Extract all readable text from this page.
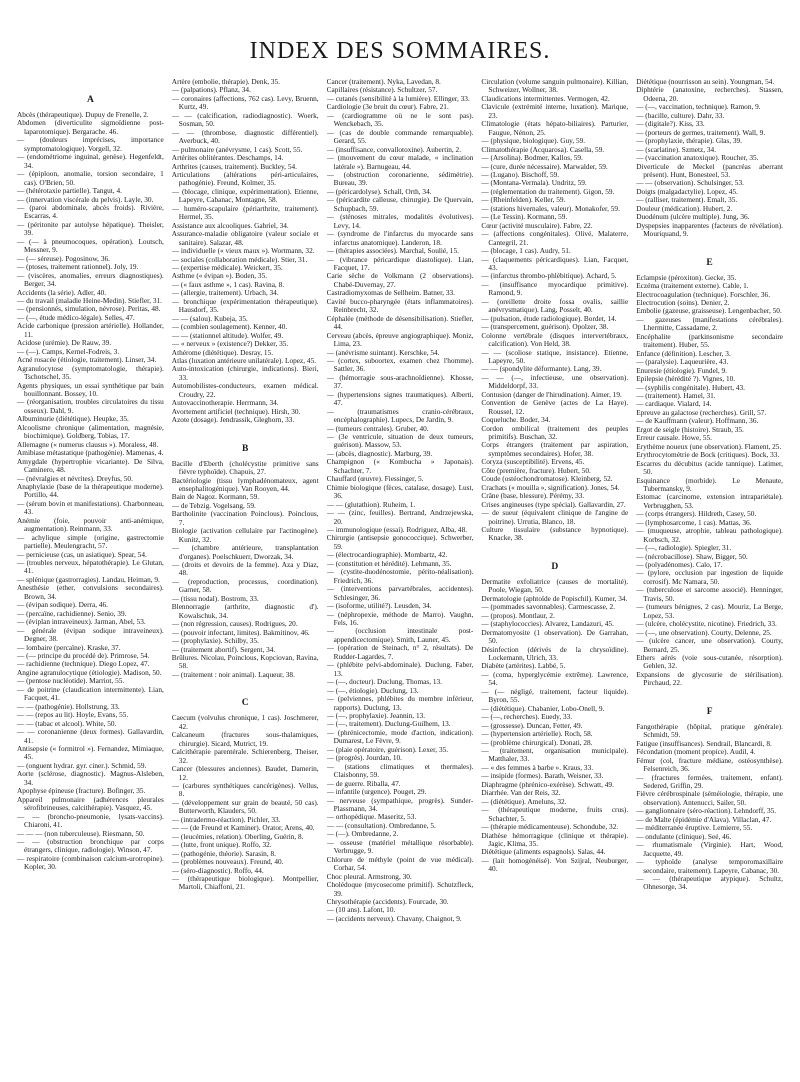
INDEX DES SOMMAIRES.
A

Abcès (thérapeutique). Dupuy de Frenelle, 2.

Abdomen (diverticulite sigmoïdienne post-laparotomique). Bergarache. 46.

— (douleurs imprécises, importance symptomatologique). Vorgell, 32.

— (endométriome inguinal, genèse). Hegenfeldt, 34.

— (épiploon, anomalie, torsion secondaire, 1 cas). O'Brien, 50.

— (hétérotaxie partielle). Tangut, 4.

— (innervation viscérale du pelvis). Layle, 30.

— (paroi abdominale, abcès froids). Rivière, Escarras, 4.

— (péritonite par autolyse hépatique). Theisler, 39.

— (— à pneumocoques, opération). Loutsch, Messner, 9.

— (— séreuse). Pogosinow, 36.

— (ptoses, traitement rationnel). Joly, 19.

— (viscères, anomalies, erreurs diagnostiques). Berger, 34.

Accidents (la série). Adler, 40.

— du travail (maladie Heine-Medin). Stiefler, 31.

— (pensionnés, simulation, névrose). Peritas, 48.

— (—, étude médico-légale). Selles, 47.

Acide carbonique (pression artérielle). Hollander, 11.

Acidose (urémie). De Rauw, 39.

— (—). Camps, Kernel-Fodreis, 3.

Acné rosacée (étiologie, traitement). Linser, 34.

Agranulocytose (symptomatologie, thérapie). Tschotschel, 35.

Agents physiques, un essai synthétique par bain bouillonnant. Bossey, 10.

— (réorganisation, troubles circulatoires du tissu osseux). Dahl, 9.

Albuminurie (diététique). Heupke, 35.

Alcoolisme chronique (alimentation, magnésie, biochimique). Goldberg, Tobias, 17.

Allemagne (« numerus clausus »). Moraless, 48.

Amibiase métastatique (pathogénie). Mamenas, 4.

Amygdale (hypertrophie vicariante). De Silva, Caminero, 48.

— (névralgies et névrites). Dreyfus, 50.

Anaphylaxie (base de la thérapeutique moderne). Portillo, 44.

— (sérum bovin et manifestations). Charbonneau, 43.

Anémie (foie, pouvoir anti-anémique, augmentation). Reinmann, 33.

— achylique simple (origine, gastrectomie partielle). Meulengracht, 57.

— pernicieuse (cas, un asiatique). Spear, 54.

— (troubles nerveux, hépatothérapie). Le Glutan, 41.

— splénique (gastrorragies). Landau, Heiman, 9.

Anesthésie (ether, convulsions secondaires). Brown, 34.

— (évipan sodique). Derra, 46.

— (percaïne, rachidienne). Senio, 39.

— (éviplan intraveineux). Jarman, Abel, 53.

— générale (évipan sodique intraveineux). Degner, 38.

— lombaire (percaïne). Kraske, 37.

— (— principe du procédé de). Primrose, 54.

— rachidienne (technique). Diego Lopez, 47.

Angine agranulocytique (étiologie). Madison, 50.

— (pentose nucléotide). Marriot, 55.

— de poitrine (claudication intermittente). Lian, Facquet, 41.

— — (pathogénie). Hollstrung, 33.

— — (repos au lit). Hoyle, Evans, 55.

— — (tabac et alcool). White, 50.

— — coronanienne (deux formes). Gallavardin, 41.

Antisepsie (« formitrol »). Fernandez, Mimiaque, 45.

— (onguent hydrar. gyr. ciner.). Schmid, 59.

Aorte (sclérose, diagnostic). Magnus-Alsleben, 34.

Apophyse épineuse (fracture). Bofinger, 35.

Appareil pulmonaire (adhérences pleurales sérofibrineuses, calcithérapie). Vasquez, 45.

— — (broncho-pneumonie, lysats-vaccins). Chiaroni, 41.

— — — (non tuberculeuse). Riesmann, 50.

— — (obstruction bronchique par corps étrangers, clinique, radiologie). Winson, 47.

— respiratoire (combinaison calcium-urotropine). Kopler, 30.

Artère (embolie, thérapie). Denk, 35.

— (palpations). Pflanz, 34.

— coronaires (affections, 762 cas). Levy, Bruenn, Kurtz, 49.

— — (calcification, radiodiagnostic). Woerk, Sosman, 50.

— — (thrombose, diagnostic différentiel). Averbuck, 40.

— pulmonaire (anévrysme, 1 cas). Scott, 55.

Artérites oblitérantes. Deschamps, 14.

Arthrites (causes, traitement). Buckley, 54.

Articulations (altérations péri-articulaires, pathogénie). Freund, Kolmer, 35.

— (blocage, clinique, expérimentation). Etienne, Lapeyre, Cabanac, Montagne, 58.

— humérо-scapulaire (périarthrite, traitement). Hermel, 35.

Assistance aux alcooliques. Gabriel, 34.

Assurance-maladie obligatoire (valeur sociale et sanitaire). Salazar, 48.

— individuelle (« vieux maux »). Wortmann, 32.

— sociales (collaboration médicale). Stier, 31.

— (expertise médicale). Weickert, 35.

Asthme (« évipan »). Boden, 35.

— (« faux asthme », 1 cas). Ravina, 8.

— (allergie, traitement). Urbach, 34.

— bronchique (expérimentation thérapeutique). Hausdorf, 35.

— — (salou). Kubeja, 35.

— (combien soulagement). Kenner, 40.

— — (stationnel altitude). Wolfer, 49.

— « nerveux » (existence?) Dekker, 35.

Athérome (diététique). Desray, 15.

Atlas (luxation antérieure unilatérale). Lopez, 45.

Auto-intoxication (chirurgie, indications). Bieri, 33.

Automobilistes-conducteurs, examen médical. Croudry, 22.

Autovaccinotherapie. Herrmann, 34.

Avortement artificiel (technique). Hirsh, 30.

Azote (dosage). Jendrassik, Gleghorn, 33.

B

Bacille d'Eberth (cholécystite primitive sans fièvre typhoïde). Chapuis, 27.

Bactériologie (tissu lymphadénomateux, agent ensephalitogénique). Van Rooyen, 44.

Bain de Nagoz. Kormann, 59.

— de Tebzig. Vogelsang, 59.

Bartholinite (vaccination Poinclous). Poinclous, 7.

Biologie (activation cellulaire par l'actinogène). Kunitz, 32.

— (chambre antérieure, transplantation d'organes). Poelschkuerr, Dworzak, 34.

— (droits et devoirs de la femme). Aza y Diaz, 48.

— (reproduction, processus, coordination). Garner, 58.

— (tissu nodal). Bostrom, 33.

Blennorragie (arthrite, diagnostic d'). Kowalschuk, 34.

— (non régression, causes). Rodrigues, 20.

— (pouvoir infectant, limites). Bakmitinov, 46.

— (prophylaxie). Schilby, 35.

— (traitement abortif). Sergent, 34.

Brûlures. Nicolau, Poinclous, Kopciovan, Ravina, 58.

— (traitement : noir animal). Laqueur, 38.

C

Caecum (volvulus chronique, 1 cas). Joschmerer, 42.

Calcaneum (fractures sous-thalamiques, chirurgie). Sicard, Mutrict, 19.

Calcithérapie parentérale. Schierenberg, Theiser, 32.

Cancer (blessures anciennes). Baudet, Damerin, 12.

— (carbures synthétiques cancérigènes). Vellus, 8.

— (développement sur grain de beauté, 50 cas). Butterworth, Klauders, 50.

— (intradermo-réaction). Pichler, 33.

— — (de Freund et Kaminer). Orator, Arens, 40.

— (leucémies, relation). Oberling, Guérin, 8.

— (lutte, front unique). Roffo, 32.

— (pathogénie, théorie). Sarasin, 8.

— (problèmes nouveaux). Freund, 40.

— (séro-diagnostic). Roffo, 44.

— (thérapeutique biologique). Montpellier, Martoli, Chiaffoni, 21.

Cancer (traitement). Nyka, Lavedan, 8.

Capillaires (résistance). Schultzer, 57.

— cutanés (sensibilité à la lumière). Ellinger, 33.

Cardiologie (3e bruit du cœur). Fabre, 21.

— (cardiogramme où ne le sont pas). Wenckebach, 35.

— (cas de double commande remarquable). Gerard, 55.

— (insuffisance, convallotoxine). Aubertin, 2.

— (mouvement du cœur malade, « inclination latérale »). Barnugeau, 44.

— (obstruction coronarienne, sédimétrie). Bureau, 39.

— (péricardolyse). Schall, Orth, 34.

— (péricardite calleuse, chirurgie). De Quervain, Schupbach, 59.

— (sténoses mitrales, modalités évolutives). Levy, 14.

— (syndrome de l'infarctus du myocarde sans infarctus anatomique). Landeron, 18.

— (thérapies associées). Marchal, Soulié, 15.

— (vibrance péricardique diastolique). Lian, Facquet, 17.

Carie sèche de Volkmann (2 observations). Chabé-Duvernay, 27.

Castradiomyxomas de Sellheim. Batner, 33.

Cavité bucco-pharyngée (états inflammatoires). Reinbrecht, 32.

Céphalée (méthode de désensibilisation). Stiefler, 44.

Cerveau (abcès, épreuve angiographique). Moniz, Lima, 23.

— (anévrisme suintant). Kerschke, 54.

— (cortex, suboortex, examen chez l'homme). Sattler, 36.

— (hémorragie sous-arachnoïdienne). Khosse, 37.

— (hypertensions signes traumatiques). Alberti, 47.

— (traumatismes cranio-cérébraux, encéphalographie). Lupecs, De Jardin, 9.

— (tumeurs centrales). Gruber, 40.

— (3e ventricule, situation de deux tumeurs, guérison). Massow, 53.

— (abcès, diagnostic). Marburg, 39.

Champignon (« Kombucha » Japonais). Schachter, 7.

Chauffard (œuvre). Fiessinger, 5.

Chimie biologique (fèces, catalase, dosage). Lust, 36.

— — (glutathion). Ruheim, 1.

— — (zinc, feuilles). Bertrand, Andrzejewska, 20.

— immunologique (essai). Rodriguez, Alba, 48.

Chirurgie (antisepsie gonococcique). Schwerber, 59.

— (électrocardiographie). Mombartz, 42.

— (constitution et hérédité). Lehmann, 35.

— (cystite-duodénostomie, périto-néalisation). Friedrich, 36.

— (interventions parvartébrales, accidentes). Schlesinger, 36.

— (isoforme, utilité?). Leusden, 34.

— (néphropexie, méthode de Marro). Vaughn, Fels, 16.

— (occlusion intestinale post-appendicectomique). Smith, Launer, 45.

— (opération de Steinach, n° 2, résultats). De Rudder-Lagardes, 7.

— (phlébite pelvi-abdominale). Duclung, Faber, 13.

— (—, docteur). Duclung, Thomas, 13.

— (—, étiologie). Duclung, 13.

— (pelviennes, phlébites du membre inférieur, rapports). Duclung, 13.

— (—, prophylaxie). Jeannin, 13.

— (—, traitement). Duclung-Guilhem, 13.

— (phrénicectomie, mode d'action, indication). Dumarest, Le Fèvre, 9.

— (plaie opératoire, guérison). Lexer, 35.

— (progrès). Jourdan, 10.

— (stations climatiques et thermales). Claisbonny, 59.

— de guerre. Riballa, 47.

— infantile (urgence). Pouget, 29.

— nerveuse (sympathique, progrès). Sunder-Plassmann, 34.

— orthopédique. Maseritz, 53.

— — (consultation). Ombredanne, 5.

— (—). Ombredanne, 2.

— osseuse (matériel métallique résorbable). Verbrugge, 9.

Chlorure de méthyle (point de vue médical). Corhar, 54.

Choc pleural. Armstrong, 30.

Cholédoque (mycosecome primitif). Schutzfleck, 39.

Chrysothérapie (accidents). Fourcade, 30.

— (10 ans). Lafont, 10.

— (accidents nerveux). Chavany, Chaignot, 9.

Circulation (volume sanguin pulmonaire). Killian, Schweizer, Wollner, 38.

Claudications intermittentes. Vermogen, 42.

Clavicule (extrémité interne, luxation). Marique, 23.

Climatologie (états hépato-biliaires). Parturier, Faugue, Nénon, 25.

— (physique, biologique). Guy, 59.

Climatothérapie (Acquarosa). Casella, 59.

— (Arsolina). Bodmer, Kallos, 59.

— (cure, durée nécessaire). Marwalder, 59.

— (Lugano). Bischoff, 59.

— (Montana-Vermala). Undritz, 59.

— (réglementation du traitement). Gigon, 59.

— (Rheinfelden). Keller, 59.

— (stations hivernales, valeur). Monakofer, 59.

— (Le Tessin). Kormann, 59.

Cœur (activité musculaire). Fabre, 22.

— (affections congénitales). Olivé, Malaterre, Cantegril, 21.

— (blocage, 1 cas). Audry, 51.

— (claquements péricardiques). Lian, Facquet, 43.

— (infarctus thrombo-phlébitique). Achard, 5.

— (insuffisance myocardique primitive). Ramond, 9.

— (oreillette droite fossa ovalis, saillie anévrysmatique). Lang, Posselt, 40.

— (pulsation, étude radiologique). Bordet, 14.

— (transpercement, guérison). Opolzer, 38.

Colonne vertébrale (disques intervertébraux, calcification). Von Held, 38.

— — (scoliose statique, insistance). Etienne, Lapeyre, 50.

— — (spondylite déformante). Lang, 39.

— — (—, infectieuse, une observation). Middeldorpf, 33.

Contusion (danger de l'hirudination). Aimer, 19.

Convention de Genève (actes de La Haye). Roussel, 12.

Coqueluche. Boder, 34.

Cordon ombilical (traitement des peuples primitifs). Buschan, 32.

Corps étrangers (traitement par aspiration, symptômes secondaires). Hofer, 38.

Coryza (susceptibilité). Ervens, 45.

Côte (première, fracture). Hubert, 50.

Coude (ostéochondromatose). Kleinberg, 52.

Crachats (« mouilla », signification). Jones, 54.

Crâne (base, blessure). Pérémy, 33.

Crises angineuses (type spécial). Gallavardin, 27.

— de sueur (équivalent clinique de l'angine de poitrine). Urrutia, Blanco, 18.

Culture tissulaire (substance hypnotique). Knacke, 38.

D

Dermatite exfoliatrice (causes de mortalité). Poole, Wiegan, 50.

Dermatologie (aphtoïde de Popischil). Kumer, 34.

— (pommades savonnables). Carmescasse, 2.

— (propos). Montlaur, 2.

— (staphylococcies). Alvarez, Landazuri, 45.

Dermatomyosite (1 observation). De Garrahan, 50.

Désinfection (dérivés de la chrysoïdine). Lockemann, Ulrich, 33.

Diabète (artérites). Labbé, 5.

— (coma, hyperglycémie extrême). Lawrence, 54.

— (— négligé, traitement, facteur liquide). Byron, 55.

— (diététique). Chabanier, Lobo-Onell, 9.

— (—, recherches). Euedy, 33.

— (grossesse). Duncan, Fetter, 49.

— (hypertension artérielle). Roch, 58.

— (problème chirurgical). Donati, 28.

— (traitement, organisation municipale). Matthaler, 33.

— « des femmes à barbe ». Kraus, 33.

— insipide (formes). Barath, Weisner, 33.

Diaphragme (phrénico-exérèse). Schwatt, 49.

Diarrhée. Van der Reis, 32.

— (diététique). Ameluns, 32.

— (thérapeutique moderne, fruits crus). Schachter, 5.

— (thérapie médicamenteuse). Schondube, 32.

Diathèse hémorragique (clinique et thérapie). Jagic, Klima, 35.

Diététique (aliments espagnols). Salas, 44.

— (lait homogénéisé). Von Szijral, Neuburger, 40.

Diététique (nourrisson au sein). Youngman, 54.

Diphtérie (anatoxine, recherches). Stassen, Odeena, 20.

— (—, vaccination, technique). Ramon, 9.

— (bacille, culture). Dahr, 33.

— (digitale?). Kiss, 33.

— (porteurs de germes, traitement). Wall, 9.

— (prophylaxie, thérapie). Glas, 39.

— (scarlatine). Szmetz, 34.

— (vaccination anatoxique). Roucher, 35.

Diverticule de Meckel (pancréas aberrant présent). Hunt, Bonesteel, 53.

— — (observation). Schulsinger, 53.

Doigts (malgadactylie). Lopez, 45.

— (ralliser, traitement). Emalt, 35.

Douleur (médication). Hubert, 2.

Duodénum (ulcère multiple). Jung, 36.

Dyspepsies inapparentes (facteurs de révélation). Mouriquand, 9.

E

Eclampsie (péroxiton). Gecke, 35.

Eczéma (traitement externe). Cable, 1.

Electrocoagulation (technique). Forschler, 36.

Electrocution (soins). Denier, 2.

Embolie (gazeuse, graisseuse). Lengenbacher, 50.

— gazeuses (manifestations cérébrales). Lhermitte, Cassadame, 2.

Encéphalite (parkinsonisme secondaire traitement). Huber, 55.

Enfance (définition). Lescher, 3.

— (paralysie). Laqueurière, 43.

Enuresie (étiologie). Fundel, 9.

Epilepsie (hérédité ?). Vignes, 10.

— (syphilis congénitale). Hubert, 43.

— (traitement). Hamel, 31.

— cardiaque. Vialard, 14.

Epreuve au galactose (recherches). Grill, 57.

— de Kauffmann (valeur). Hoffmann, 36.

Ergot de seigle (histoire). Straub, 35.

Erreur causale. Howe, 55.

Erythème noueux (une observation). Flament, 25.

Erythrocytométrie de Bock (critiques). Bock, 33.

Escarres du décubitus (acide tannique). Latimer, 50.

Esquinance (morbide). Le Menaute, Tubermansky, 9.

Estomac (carcinome, extension intrapariétale). Verbrugghen, 53.

— (corps étrangers). Hildreth, Casey, 50.

— (lymphosarcome, 1 cas). Mattas, 36.

— (muqueuse, atrophie, tableau pathologique). Korbsch, 32.

— (—, radiologie). Spiegler, 31.

— (nécrobacillose). Shaw, Bigger, 50.

— (polyadénomes). Calo, 17.

— (pylore, occlusion par ingestion de liquide corrosif). Mc Namara, 50.

— (tuberculose et sarcome associé). Henninger, Travis, 50.

— (tumeurs bénignes, 2 cas). Mouriz, La Berge, Lopez, 53.

— (ulcère, cholécystite, nicotine). Friedrich, 33.

— (—, une observation). Courty, Delenne, 25.

— (ulcère cancer, une observation). Courty, Bernard, 25.

Ethers aérés (voie sous-cutanée, résorption). Gehlen, 32.

Expansions de glycosurie de stérilisation). Pirchaud, 22.

F

Fangothérapie (hôpital, pratique générale). Schmidt, 59.

Fatigue (insuffisances). Sendrail, Blancardi, 8.

Fécondation (moment propice). Audil, 4.

Fémur (col, fracture médiane, ostéosynthèse). Felsenreich, 36.

— (fractures fermées, traitement, enfant). Sedered, Griffin, 29.

Fièvre cérébrospinale (séméiologie, thérapie, une observation). Antenucci, Sailer, 50.

— ganglionnaire (séro-réaction). Lehndorff, 35.

— de Malte (épidémie d'Alava). Villaclan, 47.

— méditerranée éruptive. Lemierre, 55.

— ondulante (clinique). Seé, 46.

— rhumatismale (Virginie). Hart, Wood, Jacquette, 49.

— typhoïde (analyse temporomaxillaire secondaire, traitement). Lapeyre, Cabanac, 30.

— — (thérapeutique atypique). Schultz, Ohnesorge, 34.
